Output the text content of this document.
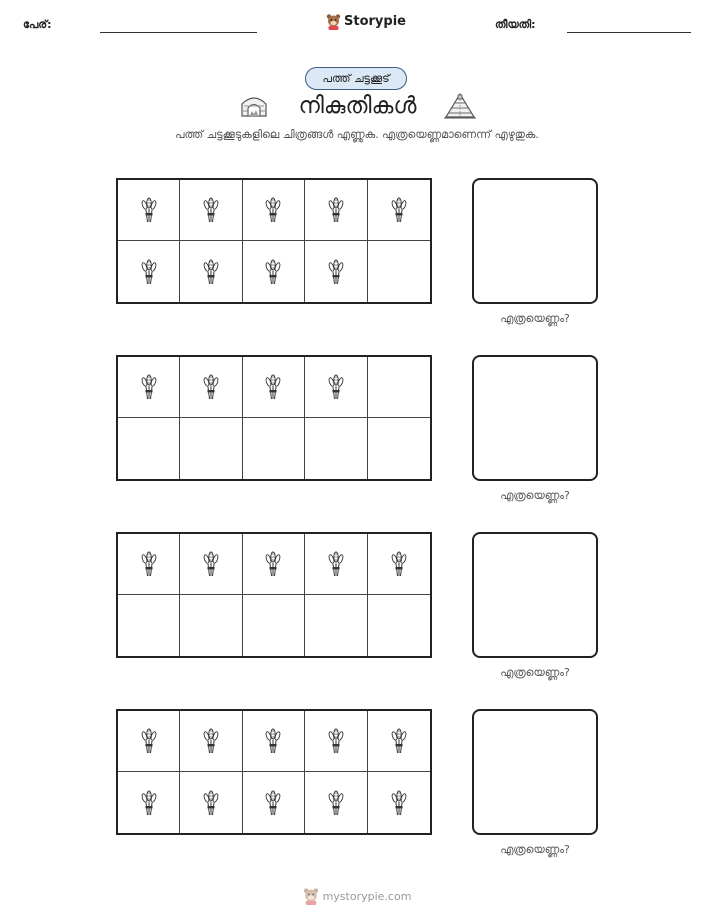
പേര്:	Storypie	തീയതി:
പത്ത് ചട്ടക്കൂട്
നികുതികൾ
പത്ത് ചട്ടക്കൂടുകളിലെ ചിത്രങ്ങൾ എണ്ണുക. എത്രയെണ്ണമാണെന്ന് എഴുതുക.
എത്രയെണ്ണം?
എത്രയെണ്ണം?
എത്രയെണ്ണം?
എത്രയെണ്ണം?
mystorypie.com
